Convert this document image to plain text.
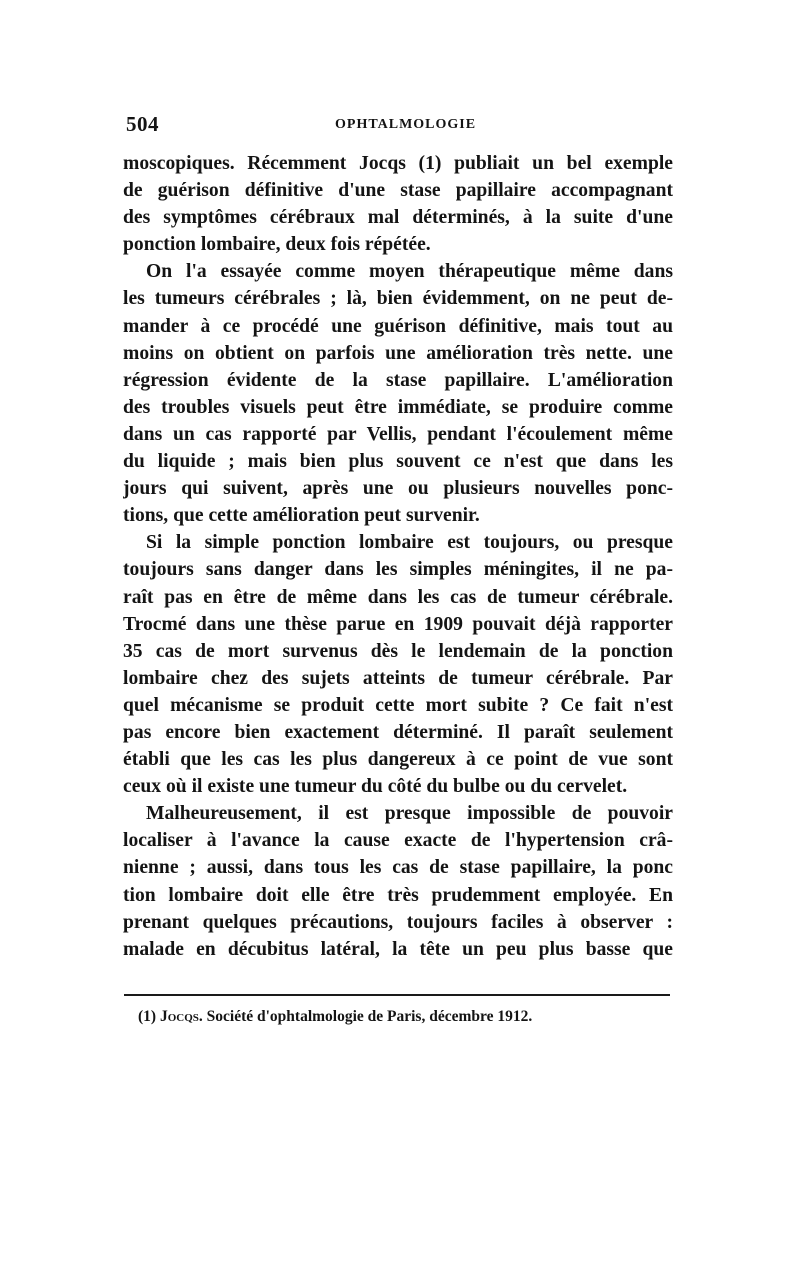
504	OPHTALMOLOGIE
moscopiques. Récemment Jocqs (1) publiait un bel exemple
de guérison définitive d'une stase papillaire accompagnant
des symptômes cérébraux mal déterminés, à la suite d'une
ponction lombaire, deux fois répétée.
On l'a essayée comme moyen thérapeutique même dans
les tumeurs cérébrales ; là, bien évidemment, on ne peut de-
mander à ce procédé une guérison définitive, mais tout au
moins on obtient on parfois une amélioration très nette. une
régression évidente de la stase papillaire. L'amélioration
des troubles visuels peut être immédiate, se produire comme
dans un cas rapporté par Vellis, pendant l'écoulement même
du liquide ; mais bien plus souvent ce n'est que dans les
jours qui suivent, après une ou plusieurs nouvelles ponc-
tions, que cette amélioration peut survenir.
Si la simple ponction lombaire est toujours, ou presque
toujours sans danger dans les simples méningites, il ne pa-
raît pas en être de même dans les cas de tumeur cérébrale.
Trocmé dans une thèse parue en 1909 pouvait déjà rapporter
35 cas de mort survenus dès le lendemain de la ponction
lombaire chez des sujets atteints de tumeur cérébrale. Par
quel mécanisme se produit cette mort subite ? Ce fait n'est
pas encore bien exactement déterminé. Il paraît seulement
établi que les cas les plus dangereux à ce point de vue sont
ceux où il existe une tumeur du côté du bulbe ou du cervelet.
Malheureusement, il est presque impossible de pouvoir
localiser à l'avance la cause exacte de l'hypertension crâ-
nienne ; aussi, dans tous les cas de stase papillaire, la ponc
tion lombaire doit elle être très prudemment employée. En
prenant quelques précautions, toujours faciles à observer :
malade en décubitus latéral, la tête un peu plus basse que
(1) Jocqs. Société d'ophtalmologie de Paris, décembre 1912.
